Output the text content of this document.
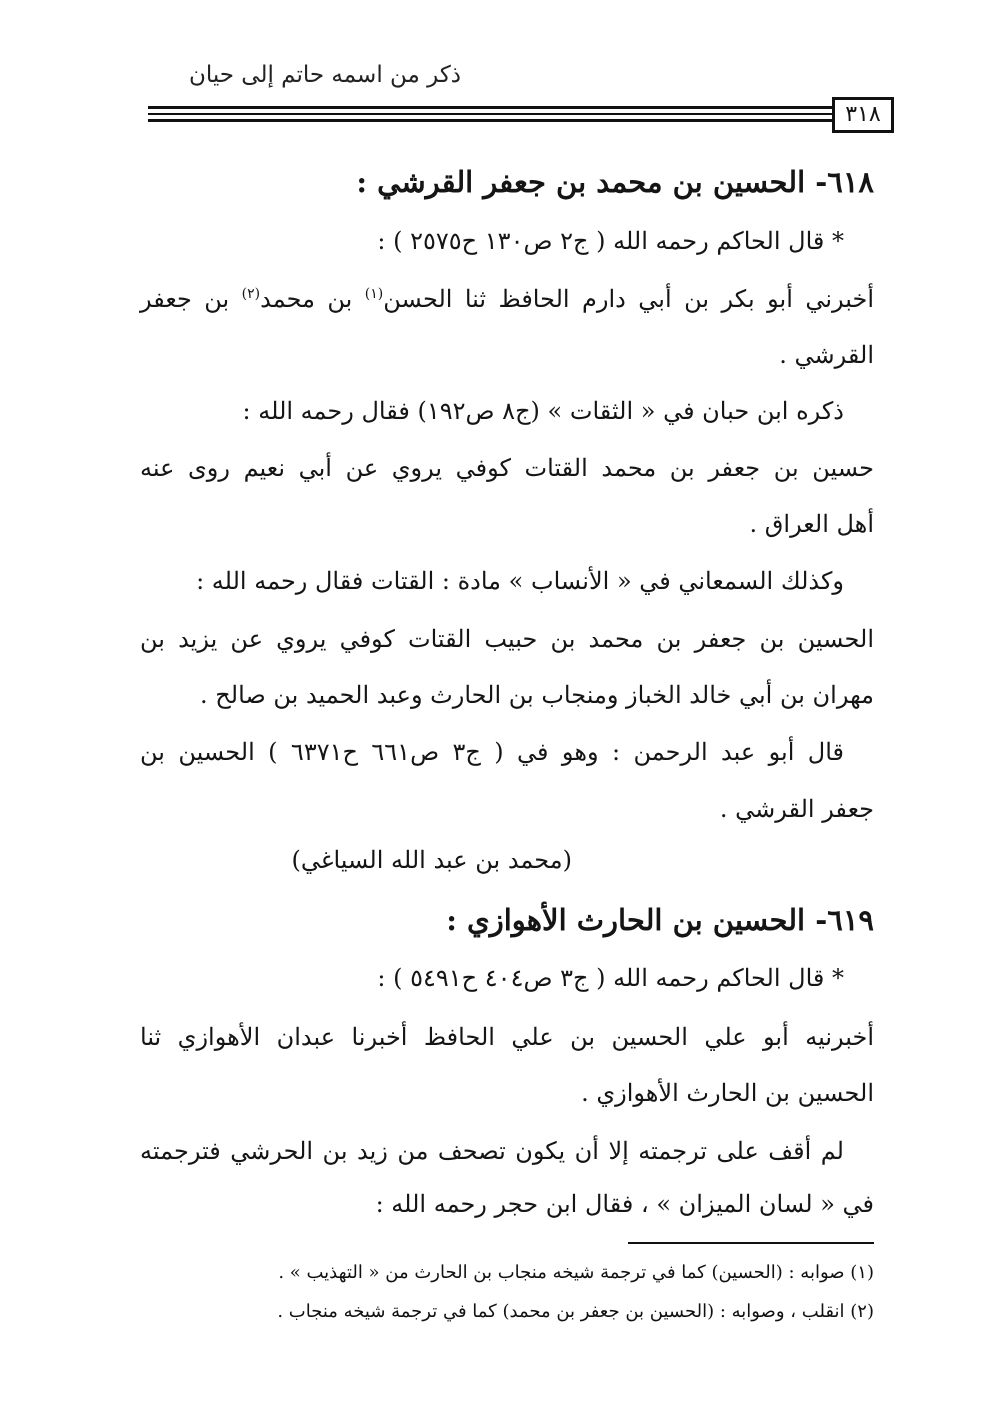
ذكر من اسمه حاتم إلى حيان
٣١٨
٦١٨- الحسين بن محمد بن جعفر القرشي :
* قال الحاكم رحمه الله ( ج٢ ص١٣٠ ح٢٥٧٥ ) :
أخبرني أبو بكر بن أبي دارم الحافظ ثنا الحسن$^{(١)}$ بن محمد$^{(٢)}$ بن جعفر
القرشي .
ذكره ابن حبان في « الثقات » (ج٨ ص١٩٢) فقال رحمه الله :
حسين بن جعفر بن محمد القتات كوفي يروي عن أبي نعيم روى عنه
أهل العراق .
وكذلك السمعاني في « الأنساب » مادة : القتات فقال رحمه الله :
الحسين بن جعفر بن محمد بن حبيب القتات كوفي يروي عن يزيد بن
مهران بن أبي خالد الخباز ومنجاب بن الحارث وعبد الحميد بن صالح .
قال أبو عبد الرحمن : وهو في ( ج٣ ص٦٦١ ح٦٣٧١ ) الحسين بن
جعفر القرشي .
(محمد بن عبد الله السياغي)
٦١٩- الحسين بن الحارث الأهوازي :
* قال الحاكم رحمه الله ( ج٣ ص٤٠٤ ح٥٤٩١ ) :
أخبرنيه أبو علي الحسين بن علي الحافظ أخبرنا عبدان الأهوازي ثنا
الحسين بن الحارث الأهوازي .
لم أقف على ترجمته إلا أن يكون تصحف من زيد بن الحرشي فترجمته
في « لسان الميزان » ، فقال ابن حجر رحمه الله :
(١) صوابه : (الحسين) كما في ترجمة شيخه منجاب بن الحارث من « التهذيب » .
(٢) انقلب ، وصوابه : (الحسين بن جعفر بن محمد) كما في ترجمة شيخه منجاب .
